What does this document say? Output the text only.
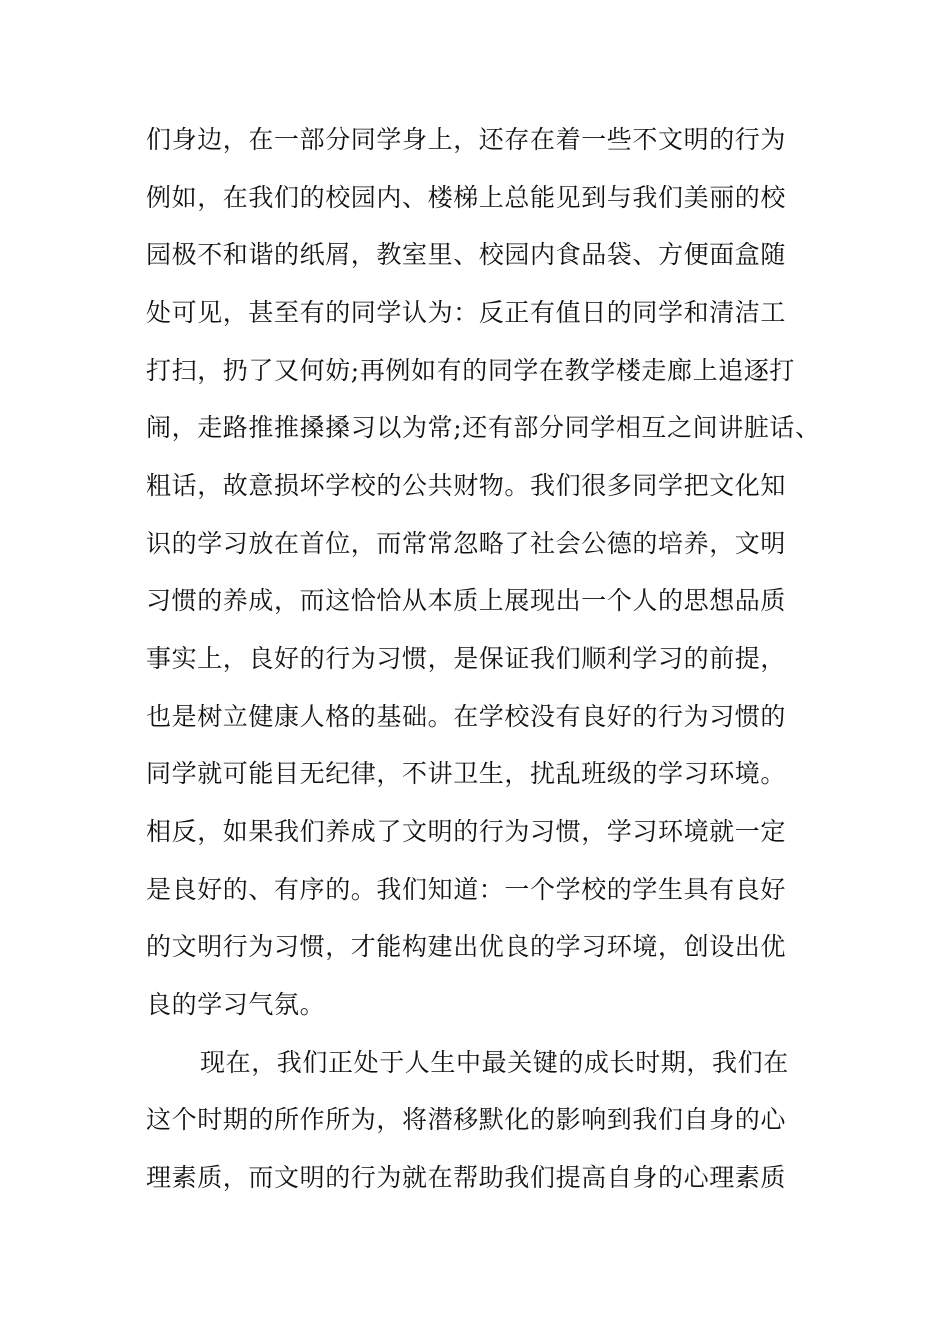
们身边，在一部分同学身上，还存在着一些不文明的行为
例如，在我们的校园内、楼梯上总能见到与我们美丽的校
园极不和谐的纸屑，教室里、校园内食品袋、方便面盒随
处可见，甚至有的同学认为：反正有值日的同学和清洁工
打扫，扔了又何妨;再例如有的同学在教学楼走廊上追逐打
闹，走路推推搡搡习以为常;还有部分同学相互之间讲脏话、
粗话，故意损坏学校的公共财物。我们很多同学把文化知
识的学习放在首位，而常常忽略了社会公德的培养，文明
习惯的养成，而这恰恰从本质上展现出一个人的思想品质
事实上，良好的行为习惯，是保证我们顺利学习的前提，
也是树立健康人格的基础。在学校没有良好的行为习惯的
同学就可能目无纪律，不讲卫生，扰乱班级的学习环境。
相反，如果我们养成了文明的行为习惯，学习环境就一定
是良好的、有序的。我们知道：一个学校的学生具有良好
的文明行为习惯，才能构建出优良的学习环境，创设出优
良的学习气氛。
现在，我们正处于人生中最关键的成长时期，我们在
这个时期的所作所为，将潜移默化的影响到我们自身的心
理素质，而文明的行为就在帮助我们提高自身的心理素质
